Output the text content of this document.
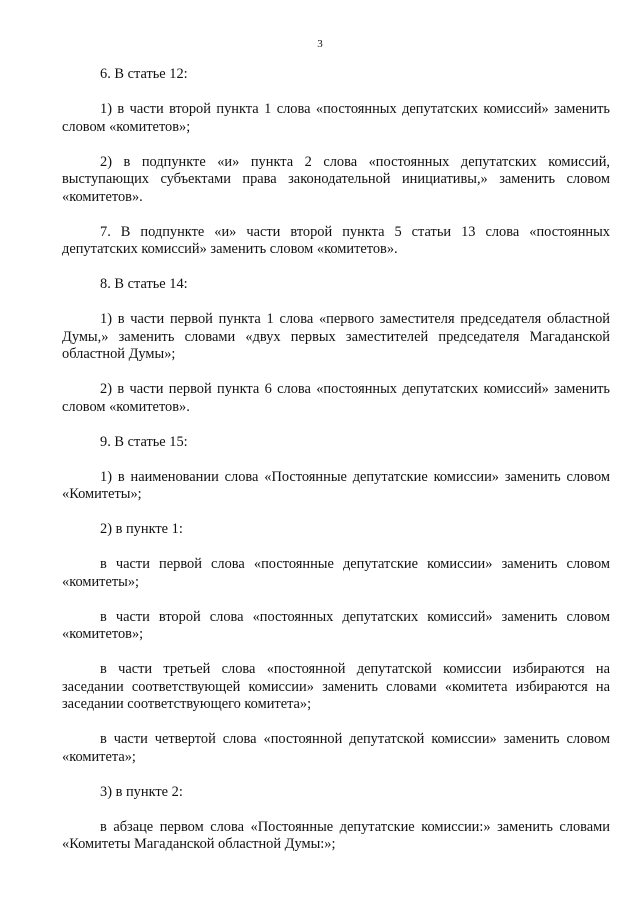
3

6. В статье 12:

1) в части второй пункта 1 слова «постоянных депутатских комиссий» заменить словом «комитетов»;

2) в подпункте «и» пункта 2 слова «постоянных депутатских комиссий, выступающих субъектами права законодательной инициативы,» заменить словом «комитетов».

7. В подпункте «и» части второй пункта 5 статьи 13 слова «постоянных депутатских комиссий» заменить словом «комитетов».

8. В статье 14:

1) в части первой пункта 1 слова «первого заместителя председателя областной Думы,» заменить словами «двух первых заместителей председателя Магаданской областной Думы»;

2) в части первой пункта 6 слова «постоянных депутатских комиссий» заменить словом «комитетов».

9. В статье 15:

1) в наименовании слова «Постоянные депутатские комиссии» заменить словом «Комитеты»;

2) в пункте 1:

в части первой слова «постоянные депутатские комиссии» заменить словом «комитеты»;

в части второй слова «постоянных депутатских комиссий» заменить словом «комитетов»;

в части третьей слова «постоянной депутатской комиссии избираются на заседании соответствующей комиссии» заменить словами «комитета избираются на заседании соответствующего комитета»;

в части четвертой слова «постоянной депутатской комиссии» заменить словом «комитета»;

3) в пункте 2:

в абзаце первом слова «Постоянные депутатские комиссии:» заменить словами «Комитеты Магаданской областной Думы:»;
